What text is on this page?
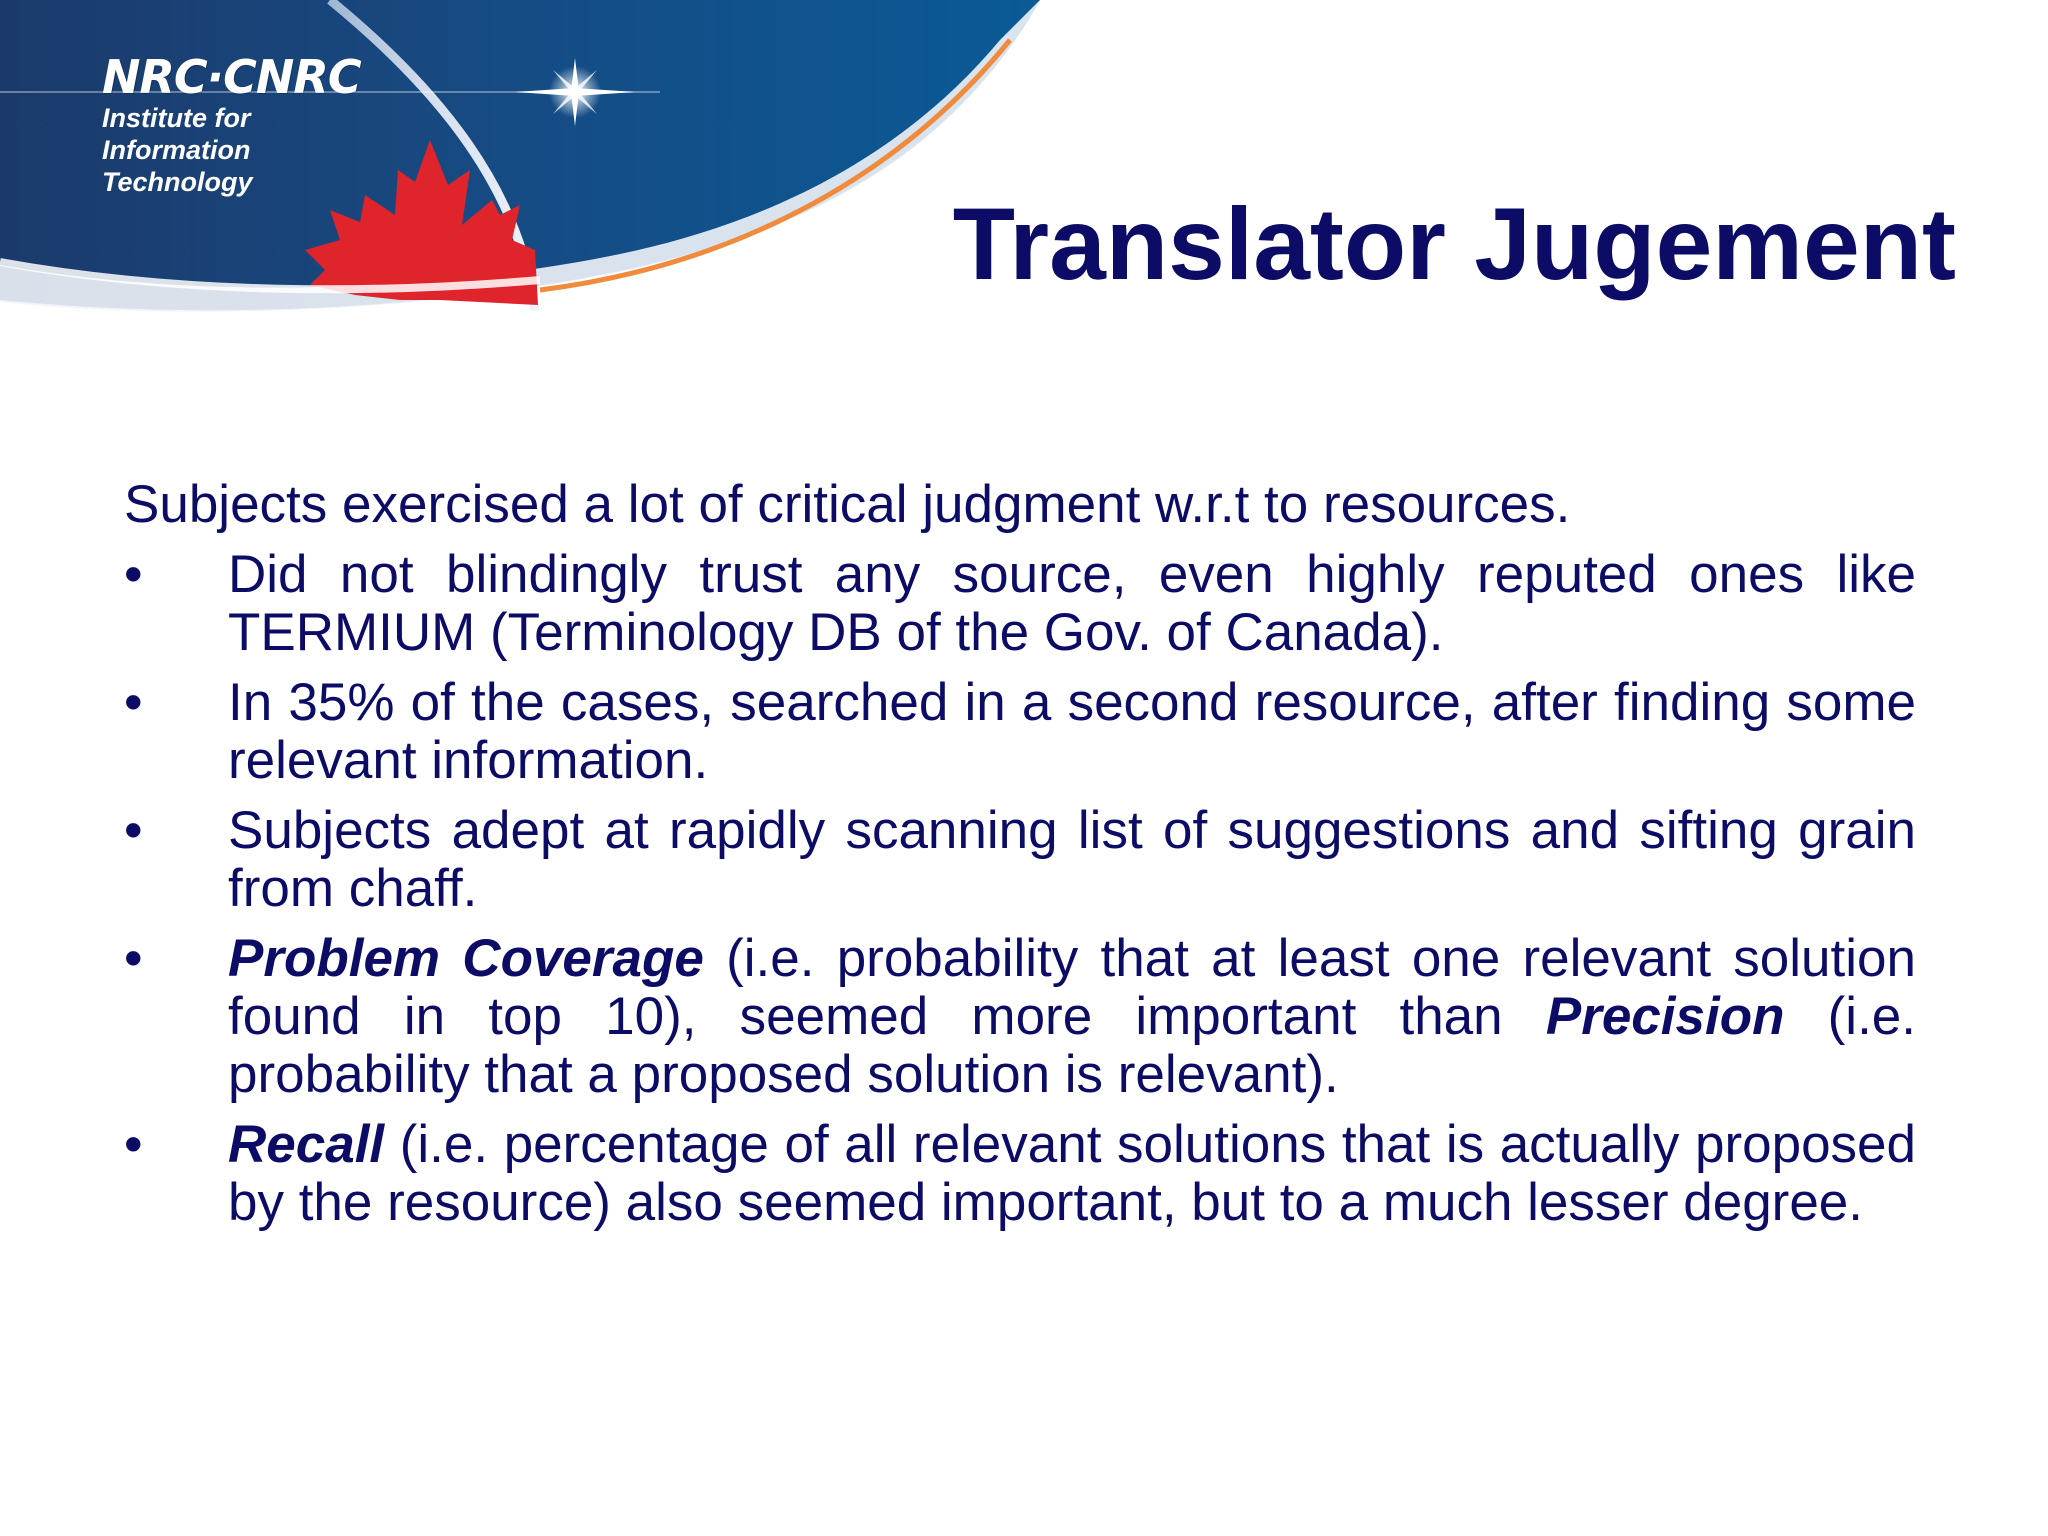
NRC·CNRC
Institute for
Information
Technology
Translator Jugement

Subjects exercised a lot of critical judgment w.r.t to resources.

•	Did not blindingly trust any source, even highly reputed ones like TERMIUM (Terminology DB of the Gov. of Canada).
•	In 35% of the cases, searched in a second resource, after finding some relevant information.
•	Subjects adept at rapidly scanning list of suggestions and sifting grain from chaff.
•	Problem Coverage (i.e. probability that at least one relevant solution found in top 10), seemed more important than Precision (i.e. probability that a proposed solution is relevant).
•	Recall (i.e. percentage of all relevant solutions that is actually proposed by the resource) also seemed important, but to a much lesser degree.
